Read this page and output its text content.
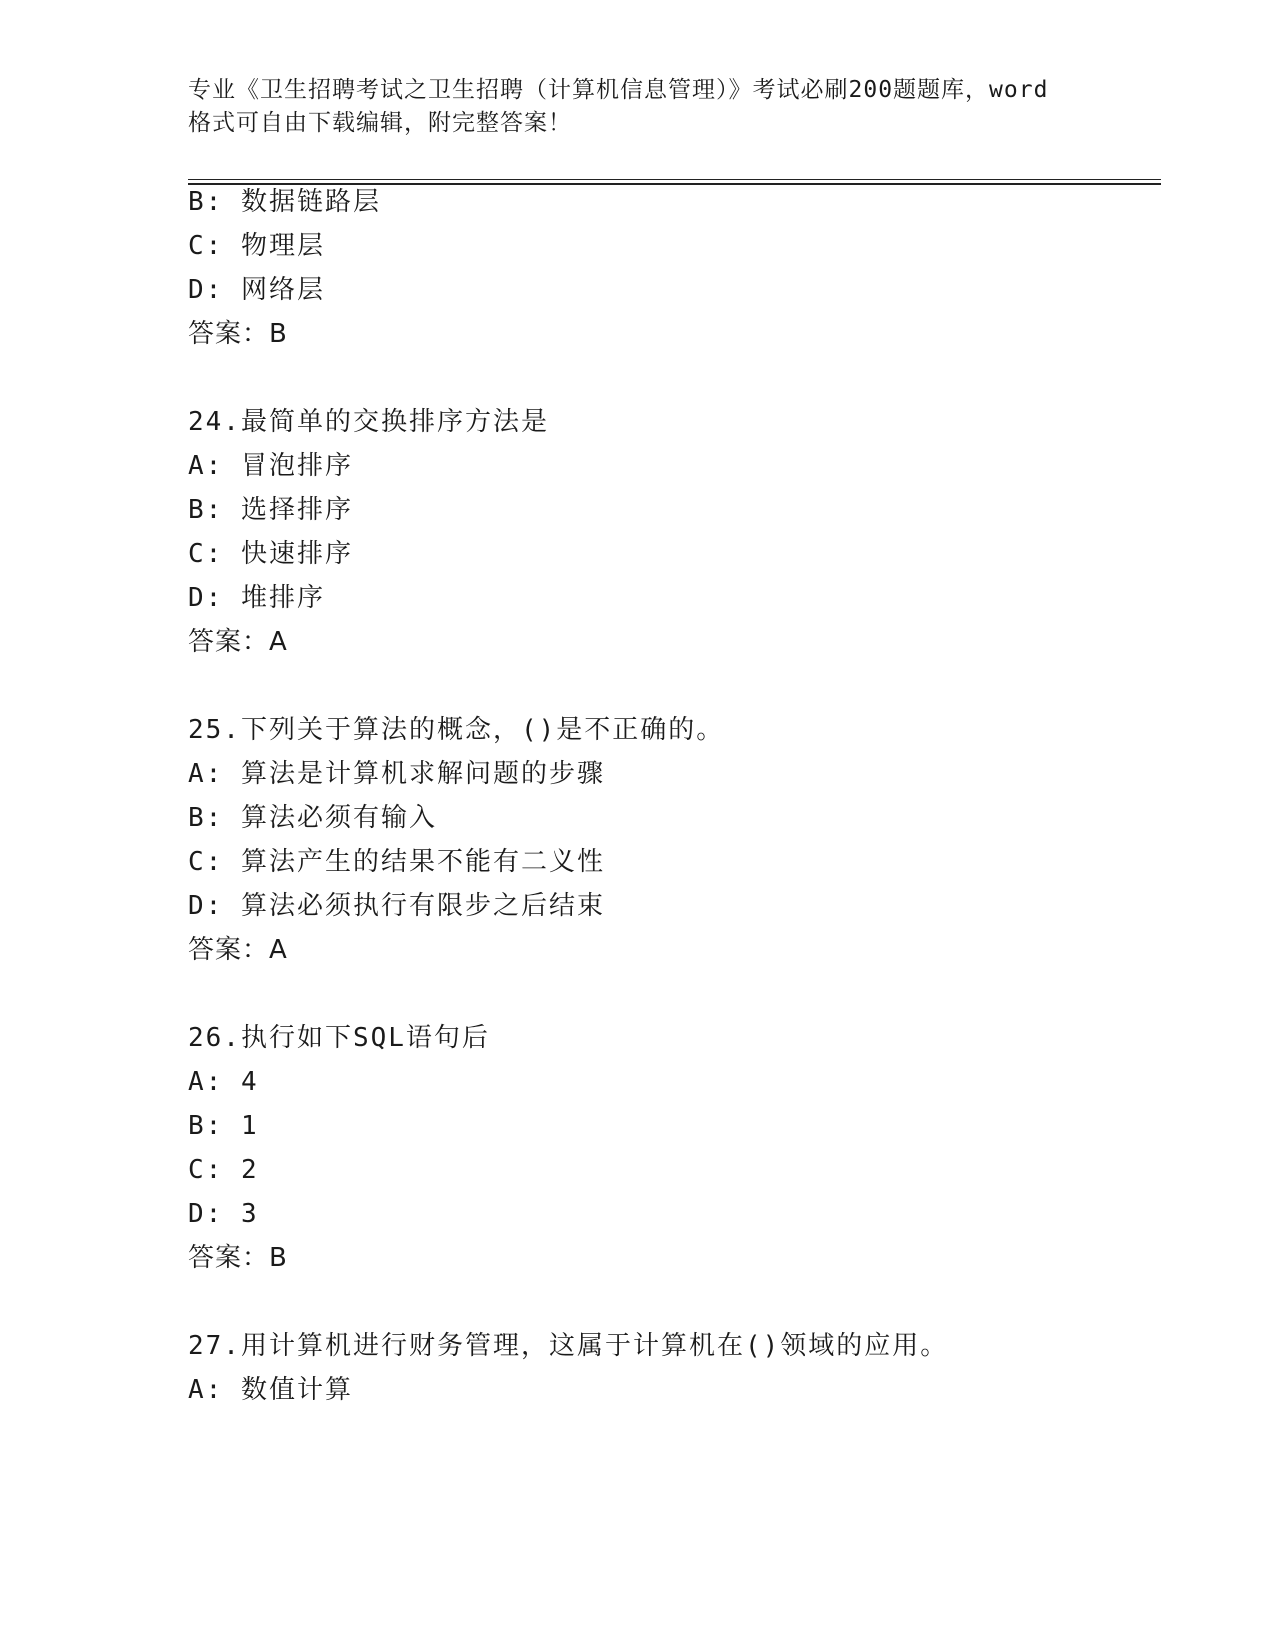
专业《卫生招聘考试之卫生招聘（计算机信息管理）》考试必刷200题题库，word
格式可自由下载编辑，附完整答案！
B: 数据链路层
C: 物理层
D: 网络层
答案：B
24.最简单的交换排序方法是
A: 冒泡排序
B: 选择排序
C: 快速排序
D: 堆排序
答案：A
25.下列关于算法的概念，()是不正确的。
A: 算法是计算机求解问题的步骤
B: 算法必须有输入
C: 算法产生的结果不能有二义性
D: 算法必须执行有限步之后结束
答案：A
26.执行如下SQL语句后
A: 4
B: 1
C: 2
D: 3
答案：B
27.用计算机进行财务管理，这属于计算机在()领域的应用。
A: 数值计算
